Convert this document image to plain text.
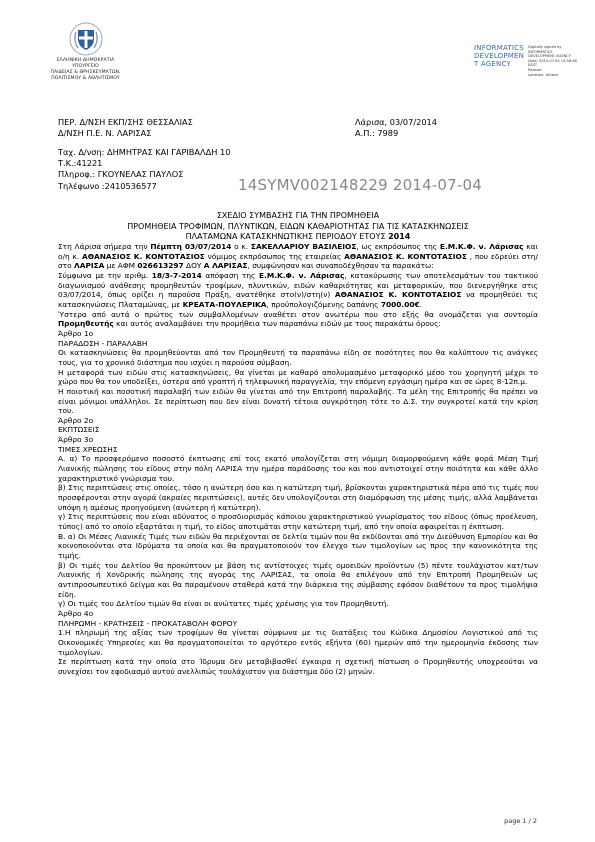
ΕΛΛΗΝΙΚΗ ΔΗΜΟΚΡΑΤΙΑ
ΥΠΟΥΡΓΕΙΟ
ΠΑΙΔΕΙΑΣ & ΘΡΗΣΚΕΥΜΑΤΩΝ,
ΠΟΛΙΤΙΣΜΟΥ & ΑΘΛΗΤΙΣΜΟΥ
INFORMATICS
DEVELOPMEN
T AGENCY
Digitally signed by
INFORMATICS
DEVELOPMENT AGENCY
Date: 2014.07.04 14:58:46
EEST
Reason:
Location: Athens
ΠΕΡ. Δ/ΝΣΗ ΕΚΠ/ΣΗΣ ΘΕΣΣΑΛΙΑΣ
Δ/ΝΣΗ Π.Ε. Ν. ΛΑΡΙΣΑΣ
Ταχ. Δ/νση: ΔΗΜΗΤΡΑΣ ΚΑΙ ΓΑΡΙΒΑΛΔΗ 10
Τ.Κ.:41221
Πληροφ.: ΓΚΟΥΝΕΛΑΣ ΠΑΥΛΟΣ
Τηλέφωνο :2410536577
Λάρισα, 03/07/2014
Α.Π.: 7989
14SYMV002148229 2014-07-04
ΣΧΕΔΙΟ ΣΥΜΒΑΣΗΣ ΓΙΑ ΤΗΝ ΠΡΟΜΗΘΕΙΑ
ΠΡΟΜΗΘΕΙΑ ΤΡΟΦΙΜΩΝ, ΠΛΥΝΤΙΚΩΝ, ΕΙΔΩΝ ΚΑΘΑΡΙΟΤΗΤΑΣ ΓΙΑ ΤΙΣ ΚΑΤΑΣΚΗΝΩΣΕΙΣ
ΠΛΑΤΑΜΩΝΑ ΚΑΤΑΣΚΗΝΩΤΙΚΗΣ ΠΕΡΙΟΔΟΥ ΕΤΟΥΣ 2014

Στη Λάρισα σήμερα την Πέμπτη 03/07/2014 ο κ. ΣΑΚΕΛΛΑΡΙΟΥ ΒΑΣΙΛΕΙΟΣ, ως εκπρόσωπος της Ε.Μ.Κ.Φ. ν. Λάρισας και ο/η κ. ΑΘΑΝΑΣΙΟΣ Κ. ΚΟΝΤΟΤΑΣΙΟΣ νόμιμος εκπρόσωπος της εταιρείας ΑΘΑΝΑΣΙΟΣ Κ. ΚΟΝΤΟΤΑΣΙΟΣ , που εδρεύει στη/στο ΛΑΡΙΣΑ με ΑΦΜ 026613297 ΔΟΥ Α ΛΑΡΙΣΑΣ, συμφώνησαν και συναποδέχθησαν τα παρακάτω:

Σύμφωνα με την αριθμ. 18/3-7-2014 απόφαση της Ε.Μ.Κ.Φ. ν. Λάρισας, κατακύρωσης των αποτελεσμάτων του τακτικού διαγωνισμού ανάθεσης προμηθευτών τροφίμων, πλυντικών, ειδών καθαριότητας και μεταφορικών, που διενεργήθηκε στις 03/07/2014, όπως ορίζει η παρούσα Πράξη, ανατέθηκε στο(ν)/στη(ν) ΑΘΑΝΑΣΙΟΣ Κ. ΚΟΝΤΟΤΑΣΙΟΣ να προμηθεύει τις κατασκηνώσεις Πλαταμώνας, με ΚΡΕΑΤΑ-ΠΟΥΛΕΡΙΚΑ, προϋπολογιζόμενης δαπάνης 7000.00€.

Ύστερα από αυτά ο πρώτος των συμβαλλομένων αναθέτει στον ανωτέρω που στο εξής θα ονομάζεται για συντομία Προμηθευτής και αυτός αναλαμβάνει την προμήθεια των παραπάνω ειδών με τους παρακάτω όρους:

Άρθρο 1ο

ΠΑΡΑΔΟΣΗ - ΠΑΡΑΛΑΒΗ

Οι κατασκηνώσεις θα προμηθεύονται από τον Προμηθευτή τα παραπάνω είδη σε ποσότητες που θα καλύπτουν τις ανάγκες τους, για το χρονικό διάστημα που ισχύει η παρούσα σύμβαση.

Η μεταφορά των ειδών στις κατασκηνώσεις, θα γίνεται με καθαρό απολυμασμένο μεταφορικό μέσο του χορηγητή μέχρι το χώρο που θα τον υποδείξει, ύστερα από γραπτή ή τηλεφωνική παραγγελία, την επόμενη εργάσιμη ημέρα και σε ώρες 8-12π.μ.

Η ποιοτική και ποσοτική παραλαβή των ειδών θα γίνεται από την Επιτροπή παραλαβής. Τα μέλη της Επιτροπής θα πρέπει να είναι μόνιμοι υπάλληλοι. Σε περίπτωση που δεν είναι δυνατή τέτοια συγκρότηση τότε το Δ.Σ. την συγκροτεί κατά την κρίση του.

Άρθρο 2ο

ΕΚΠΤΩΣΕΙΣ

Άρθρο 3ο

ΤΙΜΕΣ ΧΡΕΩΣΗΣ

Α. α) Το προσφερόμενο ποσοστό έκπτωσης επί τοις εκατό υπολογίζεται στη νόμιμη διαμορφούμενη κάθε φορά Μέση Τιμή Λιανικής πώλησης του είδους στην πόλη ΛΑΡΙΣΑ την ημέρα παράδοσης του και που αντιστοιχεί στην ποιότητα και κάθε άλλο χαρακτηριστικό γνώρισμα του.

β) Στις περιπτώσεις στις οποίες, τόσο η ανώτερη όσο και η κατώτερη τιμή, βρίσκονται χαρακτηριστικά πέρα από τις τιμές που προσφέρονται στην αγορά (ακραίες περιπτώσεις), αυτές δεν υπολογίζονται στη διαμόρφωση της μέσης τιμής, αλλά λαμβάνεται υπόψη η αμέσως προηγούμενη (ανώτερη ή κατώτερη).

γ) Στις περιπτώσεις που είναι αδύνατος ο προσδιορισμός κάποιου χαρακτηριστικού γνωρίσματος του είδους (όπως προέλευση, τύπος) από το οποίο εξαρτάται η τιμή, το είδος αποτιμάται στην κατώτερη τιμή, από την οποία αφαιρείται η έκπτωση.

Β. α) Οι Μέσες Λιανικές Τιμές των ειδών θα περιέχονται σε δελτία τιμών που θα εκδίδονται από την Διεύθυνση Εμπορίου και θα κοινοποιούνται στα Ιδρύματα τα οποία και θα πραγματοποιούν τον έλεγχο των τιμολογίων ως προς την κανονικότητα της τιμής.

β) Οι τιμές του Δελτίου θα προκύπτουν με βάση τις αντίστοιχες τιμές ομοειδών προϊόντων (5) πέντε τουλάχιστον κατ/των Λιανικής ή Χονδρικής πώλησης της αγοράς της ΛΑΡΙΣΑΣ, τα οποία θα επιλέγουν από την Επιτροπή Προμηθειών ως αντιπροσωπευτικό δείγμα και θα παραμένουν σταθερά κατά την διάρκεια της σύμβασης εφόσον διαθέτουν τα προς τιμολήψια είδη.

γ) Οι τιμές του Δελτίου τιμών θα είναι οι ανώτατες τιμές χρέωσης για τον Προμηθευτή.

Άρθρο 4ο

ΠΛΗΡΩΜΗ - ΚΡΑΤΗΣΕΙΣ - ΠΡΟΚΑΤΑΒΟΛΗ ΦΟΡΟΥ

1.Η πληρωμή της αξίας των τροφίμων θα γίνεται σύμφωνα με τις διατάξεις του Κώδικα Δημοσίου Λογιστικού από τις Οικονομικές Υπηρεσίες και θα πραγματοποιείται το αργότερο εντός εξήντα (60) ημερών από την ημερομηνία έκδοσης των τιμολογίων.

Σε περίπτωση κατά την οποία στο Ίδρυμα δεν μεταβιβασθεί έγκαιρα η σχετική πίστωση ο Προμηθευτής υποχρεούται να συνεχίσει τον εφοδιασμό αυτού ανελλιπώς τουλάχιστον για διάστημα δύο (2) μηνών.

page 1 / 2
